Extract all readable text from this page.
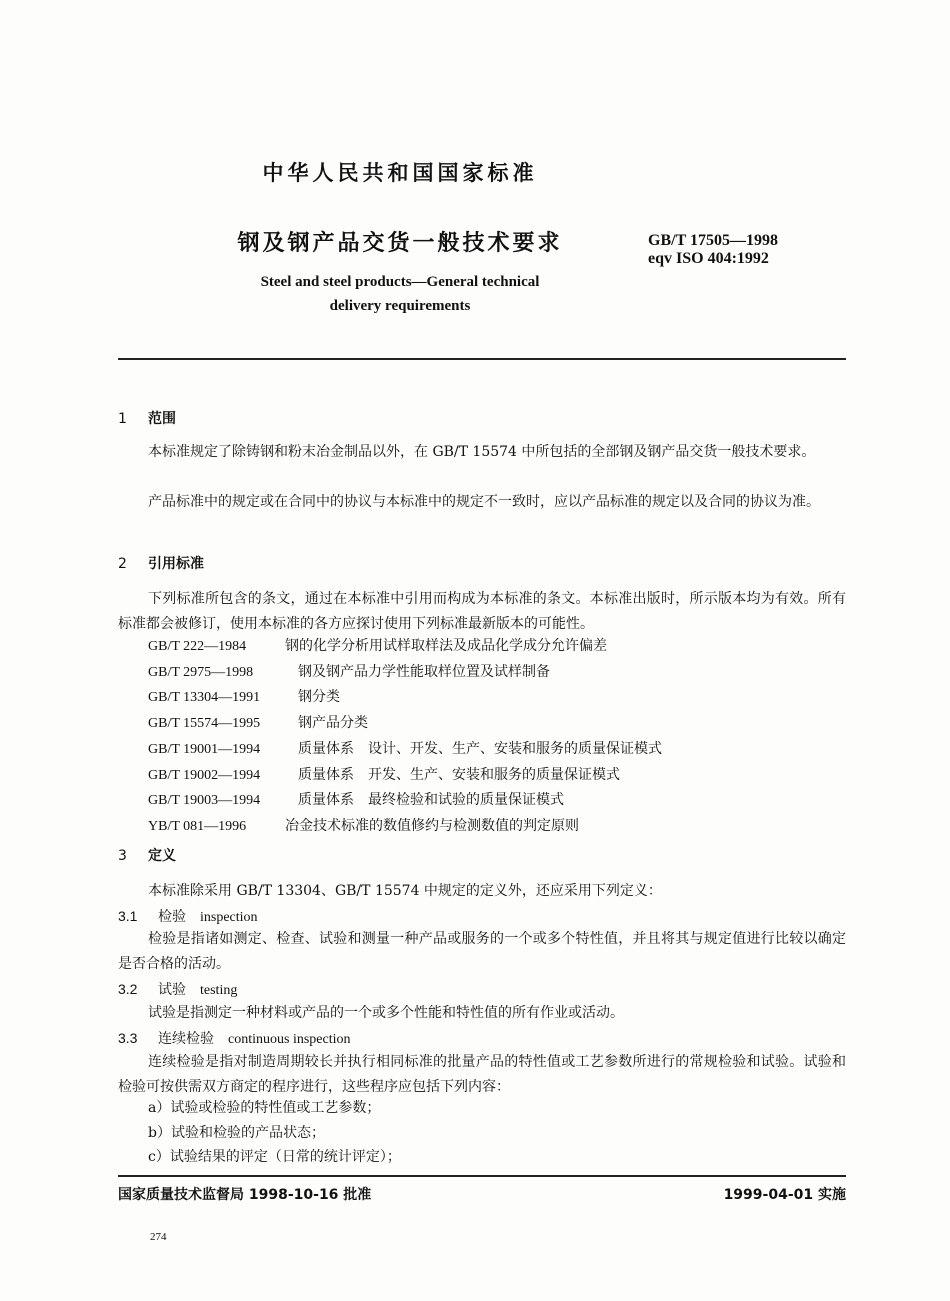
中华人民共和国国家标准
钢及钢产品交货一般技术要求	GB/T 17505—1998
eqv ISO 404:1992
Steel and steel products—General technical
delivery requirements
1 范围
本标准规定了除铸钢和粉末冶金制品以外，在 GB/T 15574 中所包括的全部钢及钢产品交货一般技术要求。
产品标准中的规定或在合同中的协议与本标准中的规定不一致时，应以产品标准的规定以及合同的协议为准。
2 引用标准
下列标准所包含的条文，通过在本标准中引用而构成为本标准的条文。本标准出版时，所示版本均为有效。所有标准都会被修订，使用本标准的各方应探讨使用下列标准最新版本的可能性。
GB/T 222—1984	钢的化学分析用试样取样法及成品化学成分允许偏差
GB/T 2975—1998	钢及钢产品力学性能取样位置及试样制备
GB/T 13304—1991	钢分类
GB/T 15574—1995	钢产品分类
GB/T 19001—1994	质量体系　设计、开发、生产、安装和服务的质量保证模式
GB/T 19002—1994	质量体系　开发、生产、安装和服务的质量保证模式
GB/T 19003—1994	质量体系　最终检验和试验的质量保证模式
YB/T 081—1996	冶金技术标准的数值修约与检测数值的判定原则
3 定义
本标准除采用 GB/T 13304、GB/T 15574 中规定的定义外，还应采用下列定义：
3.1 检验 inspection
检验是指诸如测定、检查、试验和测量一种产品或服务的一个或多个特性值，并且将其与规定值进行比较以确定是否合格的活动。
3.2 试验 testing
试验是指测定一种材料或产品的一个或多个性能和特性值的所有作业或活动。
3.3 连续检验 continuous inspection
连续检验是指对制造周期较长并执行相同标准的批量产品的特性值或工艺参数所进行的常规检验和试验。试验和检验可按供需双方商定的程序进行，这些程序应包括下列内容：
a）试验或检验的特性值或工艺参数；
b）试验和检验的产品状态；
c）试验结果的评定（日常的统计评定）；
国家质量技术监督局 1998-10-16 批准	1999-04-01 实施
274
